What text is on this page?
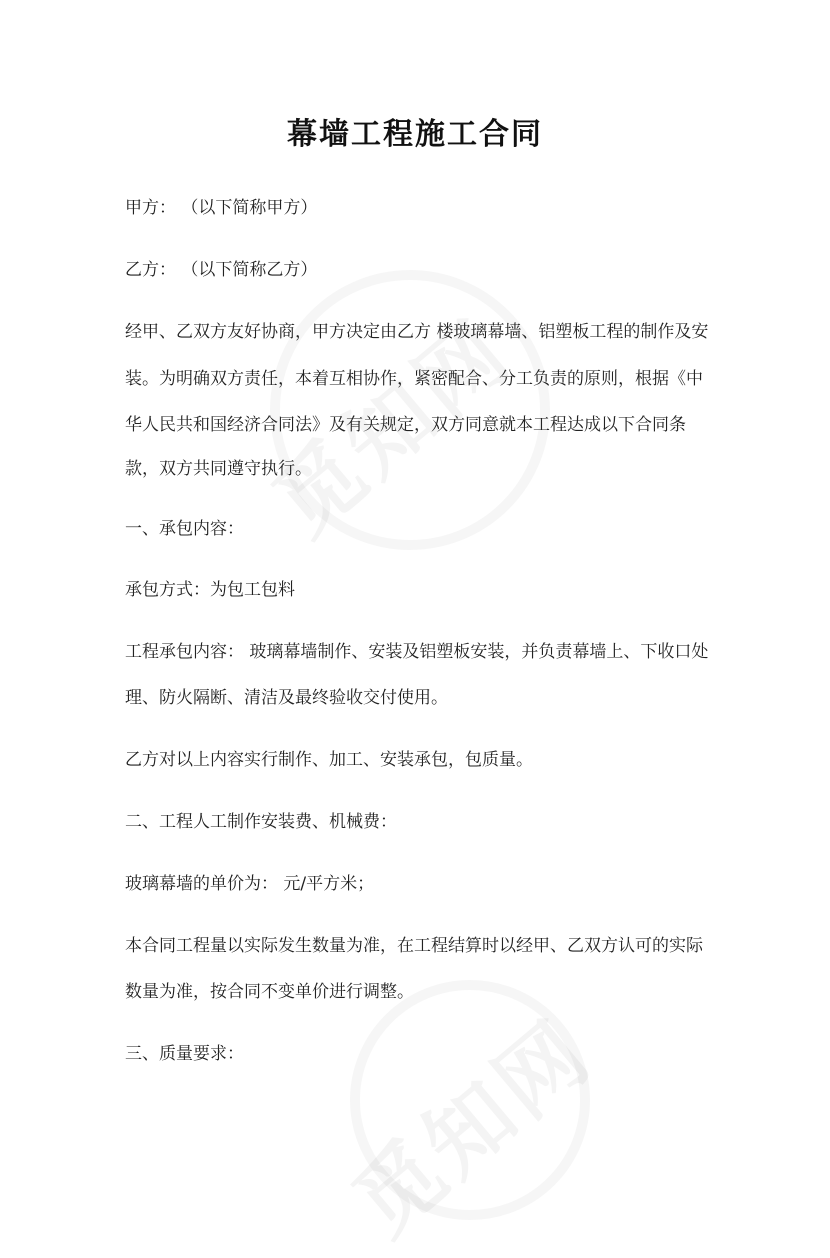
幕墙工程施工合同
甲方： （以下简称甲方）
乙方： （以下简称乙方）
经甲、乙双方友好协商，甲方决定由乙方 楼玻璃幕墙、铝塑板工程的制作及安
装。为明确双方责任，本着互相协作，紧密配合、分工负责的原则，根据《中
华人民共和国经济合同法》及有关规定，双方同意就本工程达成以下合同条
款，双方共同遵守执行。
一、承包内容：
承包方式：为包工包料
工程承包内容： 玻璃幕墙制作、安装及铝塑板安装，并负责幕墙上、下收口处
理、防火隔断、清洁及最终验收交付使用。
乙方对以上内容实行制作、加工、安装承包，包质量。
二、工程人工制作安装费、机械费：
玻璃幕墙的单价为： 元/平方米；
本合同工程量以实际发生数量为准，在工程结算时以经甲、乙双方认可的实际
数量为准，按合同不变单价进行调整。
三、质量要求：
